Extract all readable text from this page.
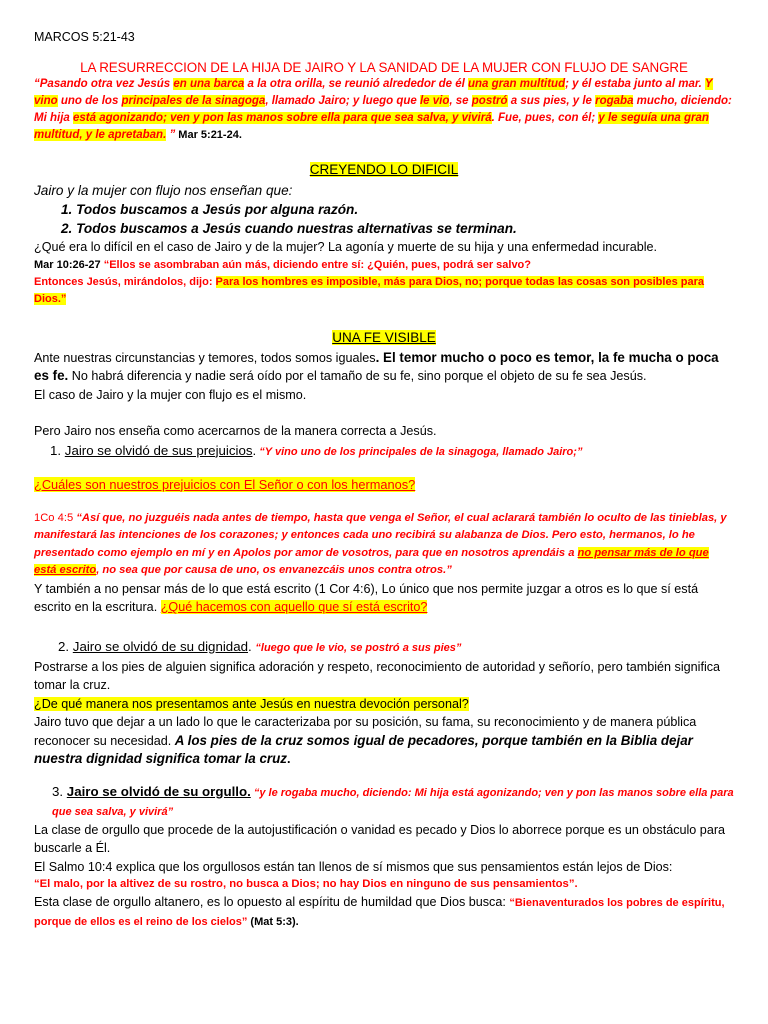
MARCOS 5:21-43

LA RESURRECCION DE LA HIJA DE JAIRO Y LA SANIDAD DE LA MUJER CON FLUJO DE SANGRE

“Pasando otra vez Jesús en una barca a la otra orilla, se reunió alrededor de él una gran multitud; y él estaba junto al mar. Y vino uno de los principales de la sinagoga, llamado Jairo; y luego que le vio, se postró a sus pies, y le rogaba mucho, diciendo: Mi hija está agonizando; ven y pon las manos sobre ella para que sea salva, y vivirá. Fue, pues, con él; y le seguía una gran multitud, y le apretaban. ” Mar 5:21-24.

CREYENDO LO DIFICIL

Jairo y la mujer con flujo nos enseñan que:

1. Todos buscamos a Jesús por alguna razón.

2. Todos buscamos a Jesús cuando nuestras alternativas se terminan.

¿Qué era lo difícil en el caso de Jairo y de la mujer? La agonía y muerte de su hija y una enfermedad incurable.

Mar 10:26-27 “Ellos se asombraban aún más, diciendo entre sí: ¿Quién, pues, podrá ser salvo?

Entonces Jesús, mirándolos, dijo: Para los hombres es imposible, más para Dios, no; porque todas las cosas son posibles para Dios.”

UNA FE VISIBLE

Ante nuestras circunstancias y temores, todos somos iguales. El temor mucho o poco es temor, la fe mucha o poca es fe. No habrá diferencia y nadie será oído por el tamaño de su fe, sino porque el objeto de su fe sea Jesús.

El caso de Jairo y la mujer con flujo es el mismo.

Pero Jairo nos enseña como acercarnos de la manera correcta a Jesús.

1. Jairo se olvidó de sus prejuicios. “Y vino uno de los principales de la sinagoga, llamado Jairo;”

¿Cuáles son nuestros prejuicios con El Señor o con los hermanos?

1Co 4:5 “Así que, no juzguéis nada antes de tiempo, hasta que venga el Señor, el cual aclarará también lo oculto de las tinieblas, y manifestará las intenciones de los corazones; y entonces cada uno recibirá su alabanza de Dios. Pero esto, hermanos, lo he presentado como ejemplo en mí y en Apolos por amor de vosotros, para que en nosotros aprendáis a no pensar más de lo que está escrito, no sea que por causa de uno, os envanezcáis unos contra otros.”

Y también a no pensar más de lo que está escrito (1 Cor 4:6), Lo único que nos permite juzgar a otros es lo que sí está escrito en la escritura. ¿Qué hacemos con aquello que sí está escrito?

2. Jairo se olvidó de su dignidad. “luego que le vio, se postró a sus pies”

Postrarse a los pies de alguien significa adoración y respeto, reconocimiento de autoridad y señorío, pero también significa tomar la cruz.

¿De qué manera nos presentamos ante Jesús en nuestra devoción personal?

Jairo tuvo que dejar a un lado lo que le caracterizaba por su posición, su fama, su reconocimiento y de manera pública reconocer su necesidad. A los pies de la cruz somos igual de pecadores, porque también en la Biblia dejar nuestra dignidad significa tomar la cruz.

3. Jairo se olvidó de su orgullo. “y le rogaba mucho, diciendo: Mi hija está agonizando; ven y pon las manos sobre ella para que sea salva, y vivirá”

La clase de orgullo que procede de la autojustificación o vanidad es pecado y Dios lo aborrece porque es un obstáculo para buscarle a Él.

El Salmo 10:4 explica que los orgullosos están tan llenos de sí mismos que sus pensamientos están lejos de Dios:

“El malo, por la altivez de su rostro, no busca a Dios; no hay Dios en ninguno de sus pensamientos”.

Esta clase de orgullo altanero, es lo opuesto al espíritu de humildad que Dios busca: “Bienaventurados los pobres de espíritu, porque de ellos es el reino de los cielos” (Mat 5:3).
